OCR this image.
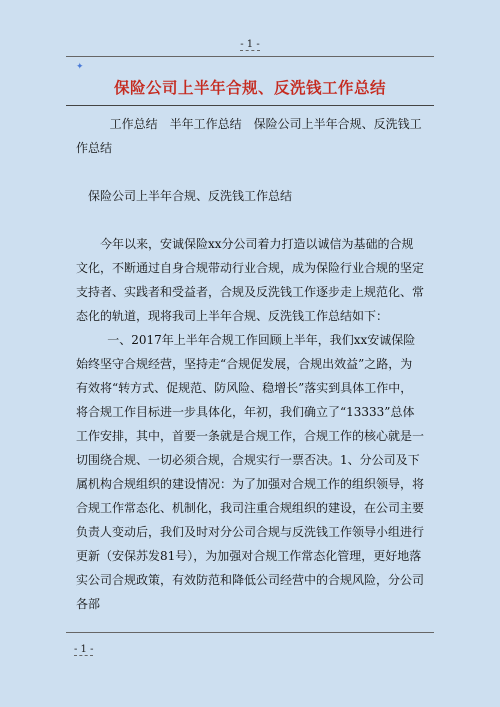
- 1 -
✦
保险公司上半年合规、反洗钱工作总结

工作总结　半年工作总结　保险公司上半年合规、反洗钱工作总结

保险公司上半年合规、反洗钱工作总结

今年以来，安诚保险xx分公司着力打造以诚信为基础的合规文化，不断通过自身合规带动行业合规，成为保险行业合规的坚定支持者、实践者和受益者，合规及反洗钱工作逐步走上规范化、常态化的轨道，现将我司上半年合规、反洗钱工作总结如下：

一、2017年上半年合规工作回顾上半年，我们xx安诚保险始终坚守合规经营，坚持走“合规促发展，合规出效益”之路，为有效将“转方式、促规范、防风险、稳增长”落实到具体工作中，将合规工作目标进一步具体化，年初，我们确立了“13333”总体工作安排，其中，首要一条就是合规工作，合规工作的核心就是一切围绕合规、一切必须合规，合规实行一票否决。1、分公司及下属机构合规组织的建设情况：为了加强对合规工作的组织领导，将合规工作常态化、机制化，我司注重合规组织的建设，在公司主要负责人变动后，我们及时对分公司合规与反洗钱工作领导小组进行更新（安保苏发81号），为加强对合规工作常态化管理，更好地落实公司合规政策，有效防范和降低公司经营中的合规风险，分公司各部

- 1 -
